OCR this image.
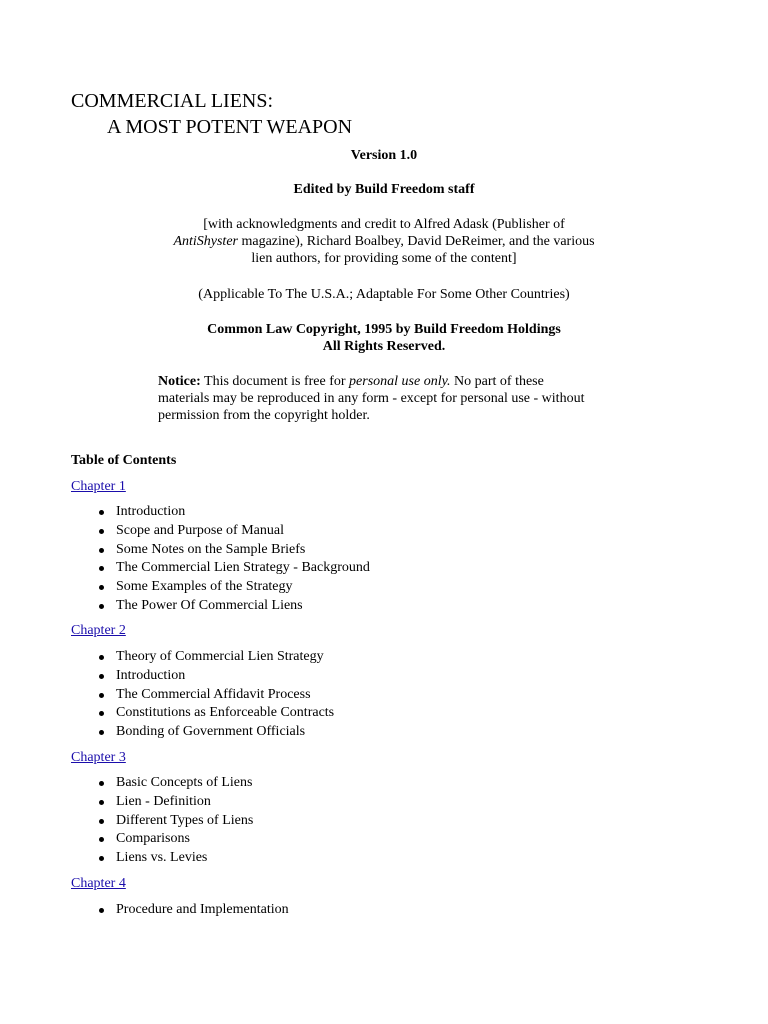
COMMERCIAL LIENS:
A MOST POTENT WEAPON
Version 1.0
Edited by Build Freedom staff
[with acknowledgments and credit to Alfred Adask (Publisher of
AntiShyster magazine), Richard Boalbey, David DeReimer, and the various lien authors, for providing some of the content]
(Applicable To The U.S.A.; Adaptable For Some Other Countries)
Common Law Copyright, 1995 by Build Freedom Holdings
All Rights Reserved.
Notice: This document is free for personal use only. No part of these materials may be reproduced in any form - except for personal use - without permission from the copyright holder.
Table of Contents
Chapter 1
Introduction
Scope and Purpose of Manual
Some Notes on the Sample Briefs
The Commercial Lien Strategy - Background
Some Examples of the Strategy
The Power Of Commercial Liens
Chapter 2
Theory of Commercial Lien Strategy
Introduction
The Commercial Affidavit Process
Constitutions as Enforceable Contracts
Bonding of Government Officials
Chapter 3
Basic Concepts of Liens
Lien - Definition
Different Types of Liens
Comparisons
Liens vs. Levies
Chapter 4
Procedure and Implementation
